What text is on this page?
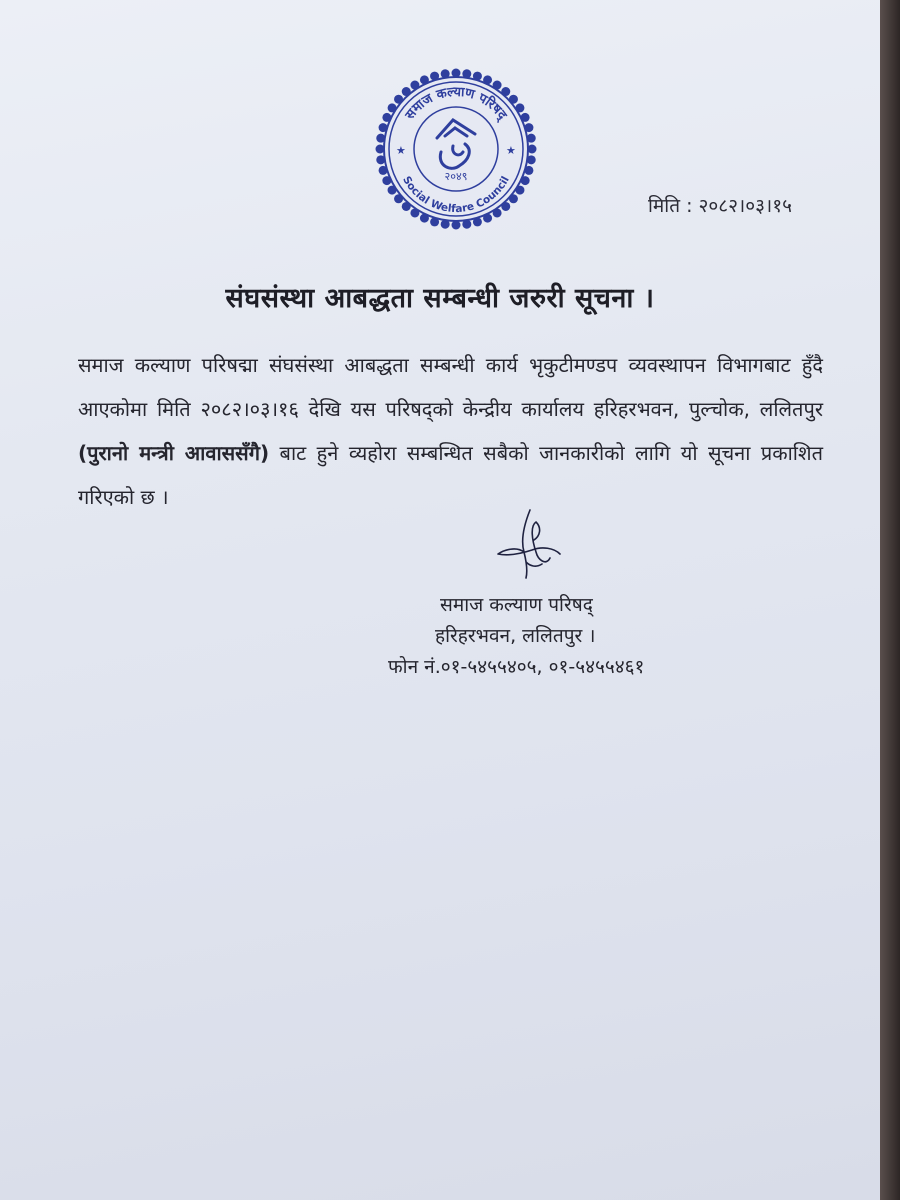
समाज कल्याण परिषद्
Social Welfare Council
★	★
२०४९
मिति : २०८२।०३।१५
संघसंस्था आबद्धता सम्बन्धी जरुरी सूचना ।
समाज कल्याण परिषद्मा संघसंस्था आबद्धता सम्बन्धी कार्य भृकुटीमण्डप व्यवस्थापन विभागबाट हुँदै आएकोमा मिति २०८२।०३।१६ देखि यस परिषद्को केन्द्रीय कार्यालय हरिहरभवन, पुल्चोक, ललितपुर (पुरानो मन्त्री आवाससँगै) बाट हुने व्यहोरा सम्बन्धित सबैको जानकारीको लागि यो सूचना प्रकाशित गरिएको छ ।
समाज कल्याण परिषद्
हरिहरभवन, ललितपुर ।
फोन नं.०१-५४५५४०५, ०१-५४५५४६१
